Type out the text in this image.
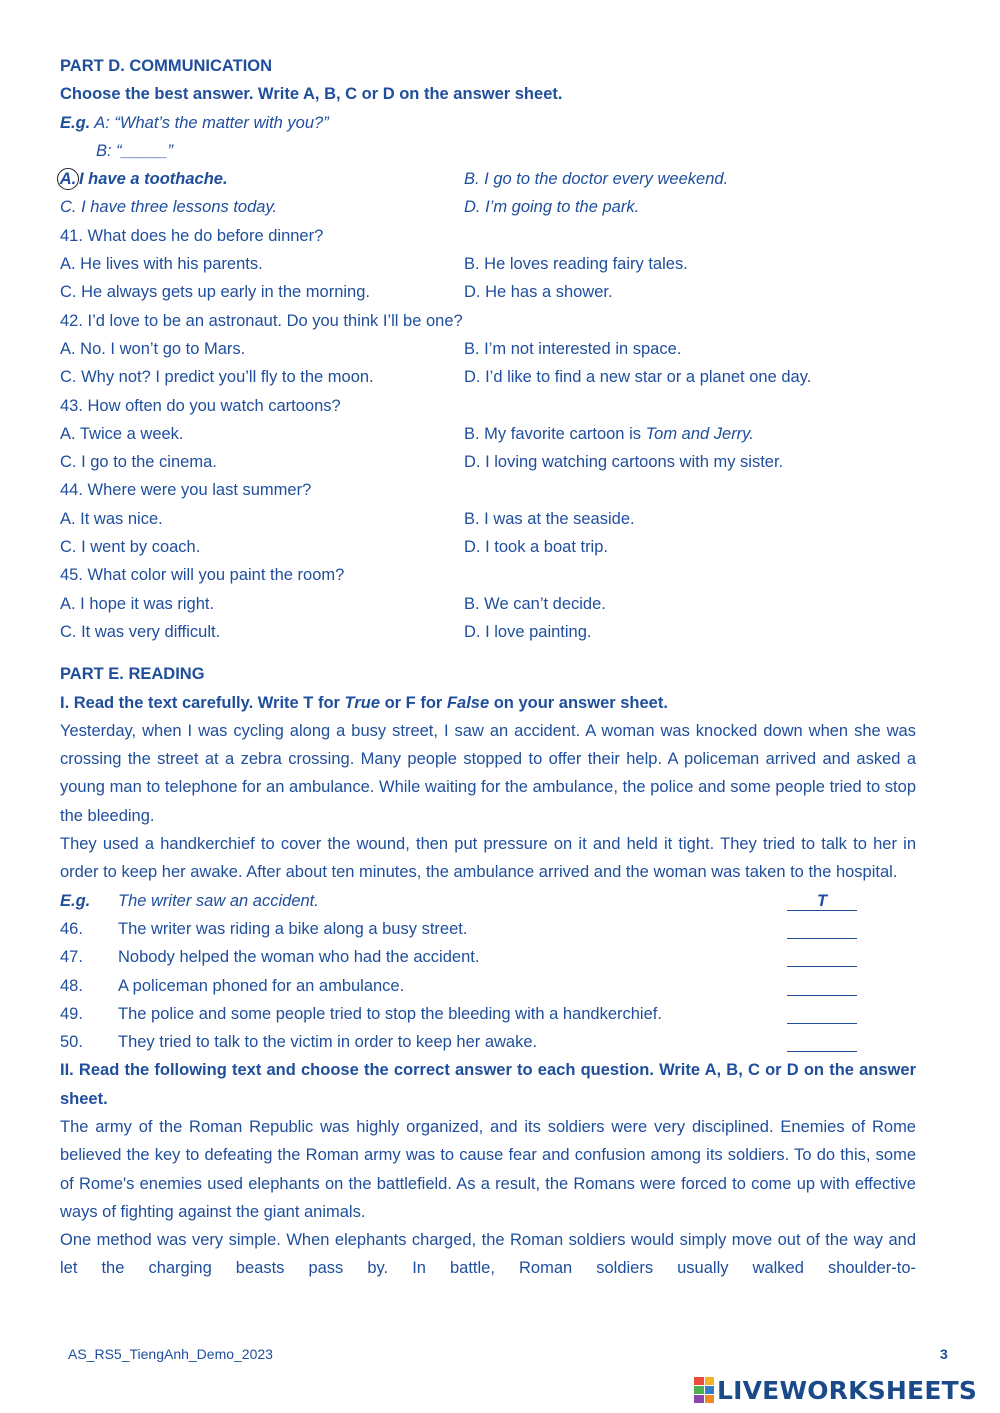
PART D. COMMUNICATION
Choose the best answer. Write A, B, C or D on the answer sheet.
E.g. A: “What’s the matter with you?”
B: “_____”
A. I have a toothache.	B. I go to the doctor every weekend.
C. I have three lessons today.	D. I’m going to the park.
41. What does he do before dinner?
A. He lives with his parents.	B. He loves reading fairy tales.
C. He always gets up early in the morning.	D. He has a shower.
42. I’d love to be an astronaut. Do you think I’ll be one?
A. No. I won’t go to Mars.	B. I’m not interested in space.
C. Why not? I predict you’ll fly to the moon.	D. I’d like to find a new star or a planet one day.
43. How often do you watch cartoons?
A. Twice a week.	B. My favorite cartoon is Tom and Jerry.
C. I go to the cinema.	D. I loving watching cartoons with my sister.
44. Where were you last summer?
A. It was nice.	B. I was at the seaside.
C. I went by coach.	D. I took a boat trip.
45. What color will you paint the room?
A. I hope it was right.	B. We can’t decide.
C. It was very difficult.	D. I love painting.
PART E. READING
I. Read the text carefully. Write T for True or F for False on your answer sheet.
Yesterday, when I was cycling along a busy street, I saw an accident. A woman was knocked down when she was crossing the street at a zebra crossing. Many people stopped to offer their help. A policeman arrived and asked a young man to telephone for an ambulance. While waiting for the ambulance, the police and some people tried to stop the bleeding.
They used a handkerchief to cover the wound, then put pressure on it and held it tight. They tried to talk to her in order to keep her awake. After about ten minutes, the ambulance arrived and the woman was taken to the hospital.
E.g. The writer saw an accident.	T
46. The writer was riding a bike along a busy street.
47. Nobody helped the woman who had the accident.
48. A policeman phoned for an ambulance.
49. The police and some people tried to stop the bleeding with a handkerchief.
50. They tried to talk to the victim in order to keep her awake.
II. Read the following text and choose the correct answer to each question. Write A, B, C or D on the answer sheet.
The army of the Roman Republic was highly organized, and its soldiers were very disciplined. Enemies of Rome believed the key to defeating the Roman army was to cause fear and confusion among its soldiers. To do this, some of Rome's enemies used elephants on the battlefield. As a result, the Romans were forced to come up with effective ways of fighting against the giant animals.
One method was very simple. When elephants charged, the Roman soldiers would simply move out of the way and let the charging beasts pass by. In battle, Roman soldiers usually walked shoulder-to-
AS_RS5_TiengAnh_Demo_2023	3
LIVEWORKSHEETS
